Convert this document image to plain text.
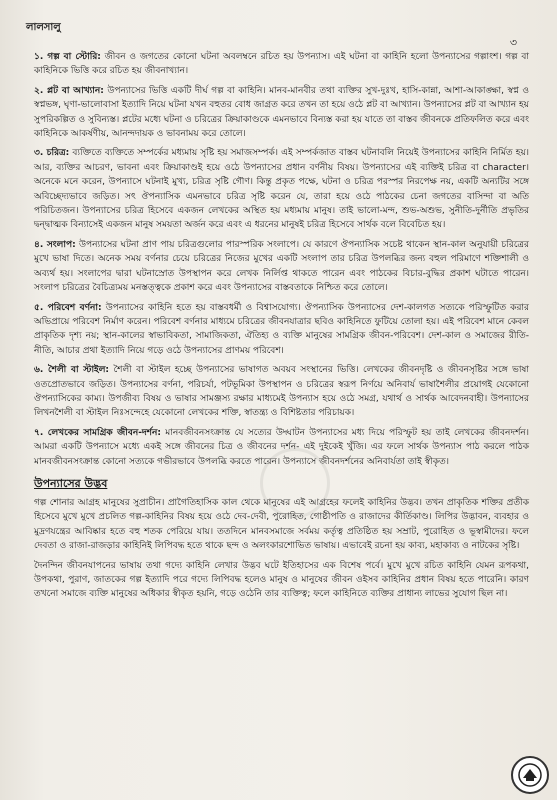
লালসালু
৩

১. গল্প বা স্টোরি: জীবন ও জগতের কোনো ঘটনা অবলম্বনে রচিত হয় উপন্যাস। এই ঘটনা বা কাহিনি হলো উপন্যাসের গল্পাংশ। গল্প বা কাহিনিকে ভিত্তি করে রচিত হয় জীবনাখ্যান।

২. প্লট বা আখ্যান: উপন্যাসের ভিত্তি একটি দীর্ঘ গল্প বা কাহিনি। মানব-মানবীর তথা ব্যক্তির সুখ-দুঃখ, হাসি-কান্না, আশা-আকাঙ্ক্ষা, স্বপ্ন ও স্বপ্নভঙ্গ, ঘৃণা-ভালোবাসা ইত্যাদি নিয়ে ঘটনা যখন বহুতর বোধ জাগ্রত করে তখন তা হয়ে ওঠে প্লট বা আখ্যান। উপন্যাসের প্লট বা আখ্যান হয় সুপরিকল্পিত ও সুবিন্যস্ত। প্লটের মধ্যে ঘটনা ও চরিত্রের ক্রিয়াকাণ্ডকে এমনভাবে বিন্যস্ত করা হয় যাতে তা বাস্তব জীবনকে প্রতিফলিত করে এবং কাহিনিকে আকর্ষণীয়, আনন্দদায়ক ও ভাবনাময় করে তোলে।

৩. চরিত্র: ব্যক্তিতে ব্যক্তিতে সম্পর্কের মধ্যমায় সৃষ্টি হয় সমাজসম্পর্ক। এই সম্পর্কজাত বাস্তব ঘটনাবলি নিয়েই উপন্যাসের কাহিনি নির্মিত হয়। আর, ব্যক্তির আচরণ, ভাবনা এবং ক্রিয়াকাণ্ডই হয়ে ওঠে উপন্যাসের প্রধান বর্ণনীয় বিষয়। উপন্যাসের এই ব্যক্তিই চরিত্র বা character। অনেকে মনে করেন, উপন্যাসে ঘটনাই মুখ্য, চরিত্র সৃষ্টি গৌণ। কিন্তু প্রকৃত পক্ষে, ঘটনা ও চরিত্র পরস্পর নিরপেক্ষ নয়, একটি অন্যটির সঙ্গে অবিচ্ছেদ্যভাবে জড়িত। সৎ ঔপন্যাসিক এমনভাবে চরিত্র সৃষ্টি করেন যে, তারা হয়ে ওঠে পাঠকের চেনা জগতের বাসিন্দা বা অতি পরিচিতজন। উপন্যাসের চরিত্র হিসেবে একজন লেখকের অস্থিত হয় মধ্যমায় মানুষ। তাই ভালো-মন্দ, শুভ-অশুভ, সুনীতি-দুর্নীতি প্রভৃতির দ্বন্দ্বাত্মক বিন্যাসেই একজন মানুষ সময়তা অর্জন করে এবং এ ধরনের মানুষই চরিত্র হিসেবে সার্থক বলে বিবেচিত হয়।

৪. সংলাপ: উপন্যাসের ঘটনা প্রাণ পায় চরিত্রগুলোর পারস্পরিক সংলাপে। যে কারণে ঔপন্যাসিক সচেষ্ট থাকেন স্থান-কাল অনুযায়ী চরিত্রের মুখে ভাষা দিতে। অনেক সময় বর্ণনার চেয়ে চরিত্রের নিজের মুখের একটি সংলাপ তার চরিত্র উপলব্ধির জন্য বহুল পরিমাণে শক্তিশালী ও অব্যর্থ হয়। সংলাপের দ্বারা ঘটনাস্রোত উপস্থাপন করে লেখক নির্লিপ্ত থাকতে পারেন এবং পাঠকের বিচার-বুদ্ধির প্রকাশ ঘটাতে পারেন। সংলাপ চরিত্রের বৈচিত্র্যময় মনস্তত্ত্বকে প্রকাশ করে এবং উপন্যাসের বাস্তবতাকে নিশ্চিত করে তোলে।

৫. পরিবেশ বর্ণনা: উপন্যাসের কাহিনি হতে হয় বাস্তবধর্মী ও বিশ্বাসযোগ্য। ঔপন্যাসিক উপন্যাসের দেশ-কালগত সত্যকে পরিস্ফুটিত করার অভিপ্রায়ে পরিবেশ নির্মাণ করেন। পরিবেশ বর্ণনার মাধ্যমে চরিত্রের জীবনযাত্রার ছবিও কাহিনিতে ফুটিয়ে তোলা হয়। এই পরিবেশ মানে কেবল প্রাকৃতিক দৃশ্য নয়; স্থান-কালের স্বাভাবিকতা, সামাজিকতা, ঐতিহ্য ও ব্যক্তি মানুষের সামগ্রিক জীবন-পরিবেশ। দেশ-কাল ও সমাজের রীতি-নীতি, আচার প্রথা ইত্যাদি নিয়ে গড়ে ওঠে উপন্যাসের প্রাণময় পরিবেশ।

৬. শৈলী বা স্টাইল: শৈলী বা স্টাইল হচ্ছে উপন্যাসের ভাষাগত অবয়ব সংস্থানের ভিত্তি। লেখকের জীবনদৃষ্টি ও জীবনসৃষ্টির সঙ্গে ভাষা ওতপ্রোতভাবে জড়িত। উপন্যাসের বর্ণনা, পরিচর্যা, পটভূমিকা উপস্থাপন ও চরিত্রের স্বরূপ নির্ণয়ে অনিবার্য ভাষাশৈলীর প্রয়োগই যেকোনো ঔপন্যাসিকের কাম্য। উপজীব্য বিষয় ও ভাষার সামঞ্জস্য রক্ষার মাধ্যমেই উপন্যাস হয়ে ওঠে সমগ্র, যথার্থ ও সার্থক আবেদনবাহী। উপন্যাসের লিখনশৈলী বা স্টাইল নিঃসন্দেহে যেকোনো লেখকের শক্তি, স্বাতন্ত্র্য ও বিশিষ্টতার পরিচায়ক।

৭. লেখকের সামগ্রিক জীবন-দর্শন: মানবজীবনসংক্রান্ত যে সত্যের উদ্ঘাটন উপন্যাসের মধ্য দিয়ে পরিস্ফুট হয় তাই লেখকের জীবনদর্শন। আমরা একটি উপন্যাসে মধ্যে একই সঙ্গে জীবনের চিত্র ও জীবনের দর্শন- এই দুইকেই খুঁজি। এর ফলে সার্থক উপন্যাস পাঠ করলে পাঠক মানবজীবনসংক্রান্ত কোনো সত্যকে গভীরভাবে উপলব্ধি করতে পারেন। উপন্যাসে জীবনদর্শনের অনিবার্যতা তাই স্বীকৃত।

উপন্যাসের উদ্ভব

গল্প শোনার আগ্রহ মানুষের সুপ্রাচীন। প্রাগৈতিহাসিক কাল থেকে মানুষের এই আগ্রহের ফলেই কাহিনির উদ্ভব। তখন প্রাকৃতিক শক্তির প্রতীক হিসেবে মুখে মুখে প্রচলিত গল্প-কাহিনির বিষয় হয়ে ওঠে দেব-দেবী, পুরোহিত, গোষ্ঠীপতি ও রাজাদের কীর্তিকাণ্ড। লিপির উদ্ভাবন, ব্যবহার ও মুদ্রণযন্ত্রের আবিষ্কার হতে বহু শতক পেরিয়ে যায়। ততদিনে মানবসমাজে সর্বময় কর্তৃত্ব প্রতিষ্ঠিত হয় সম্রাট, পুরোহিত ও ভূস্বামীদের। ফলে দেবতা ও রাজা-রাজড়ার কাহিনিই লিপিবদ্ধ হতে থাকে ছন্দ ও অলংকারশোভিত ভাষায়। এভাবেই রচনা হয় কাব্য, মহাকাব্য ও নাটকের সৃষ্টি।

দৈনন্দিন জীবনযাপনের ভাষায় তথা গদ্যে কাহিনি লেখার উদ্ভব ঘটে ইতিহাসের এক বিশেষ পর্বে। মুখে মুখে রচিত কাহিনি যেমন রূপকথা, উপকথা, পুরাণ, জাতকের গল্প ইত্যাদি পরে গদ্যে লিপিবদ্ধ হলেও মানুষ ও মানুষের জীবন ওইসব কাহিনির প্রধান বিষয় হতে পারেনি। কারণ তখনো সমাজে ব্যক্তি মানুষের অধিকার স্বীকৃত হয়নি, গড়ে ওঠেনি তার ব্যক্তিত্ব; ফলে কাহিনিতে ব্যক্তির প্রাধান্য লাভের সুযোগ ছিল না।
